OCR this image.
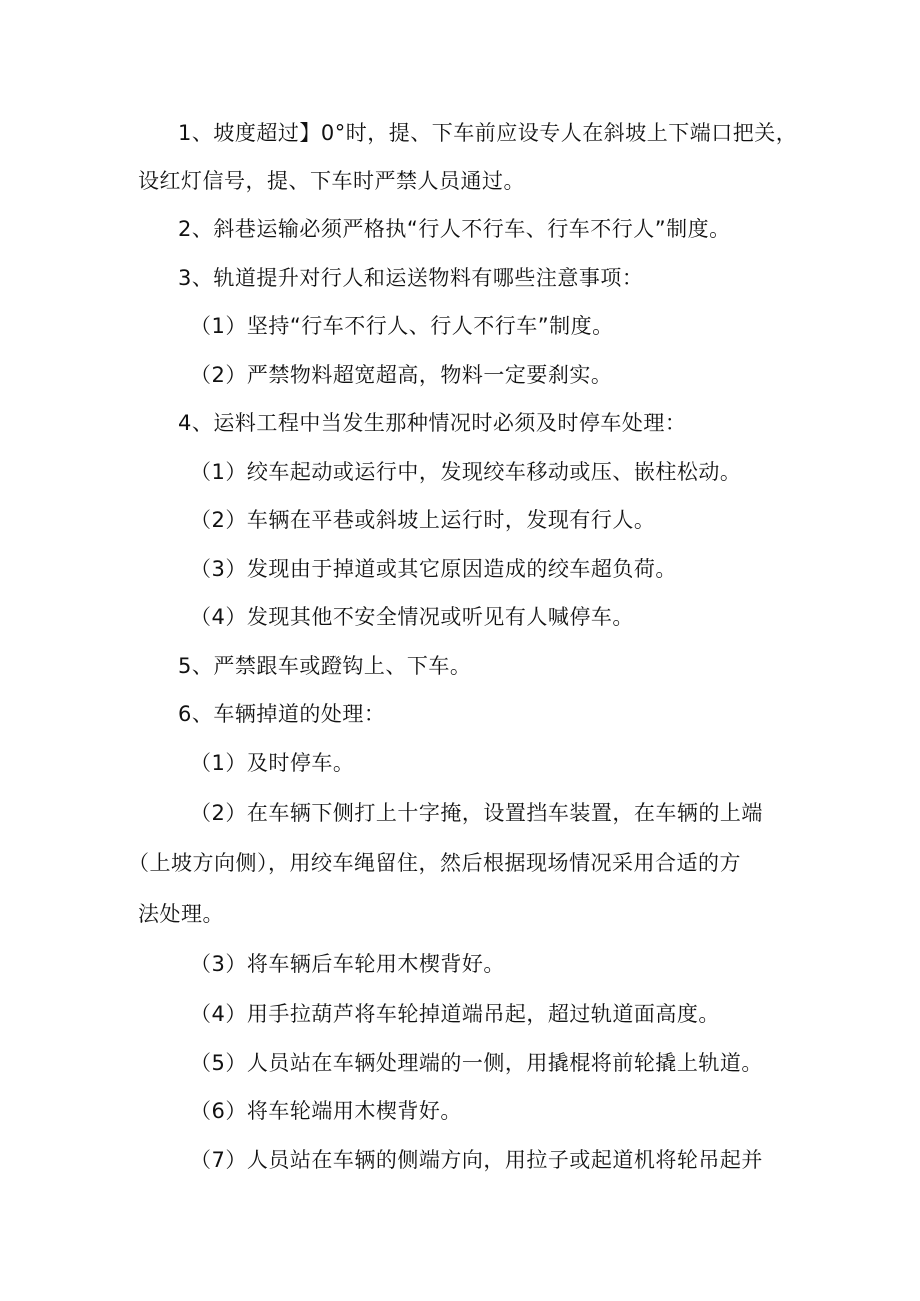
1、坡度超过】0°时，提、下车前应设专人在斜坡上下端口把关，
设红灯信号，提、下车时严禁人员通过。
2、斜巷运输必须严格执“行人不行车、行车不行人”制度。
3、轨道提升对行人和运送物料有哪些注意事项：
（1）坚持“行车不行人、行人不行车”制度。
（2）严禁物料超宽超高，物料一定要刹实。
4、运料工程中当发生那种情况时必须及时停车处理：
（1）绞车起动或运行中，发现绞车移动或压、嵌柱松动。
（2）车辆在平巷或斜坡上运行时，发现有行人。
（3）发现由于掉道或其它原因造成的绞车超负荷。
（4）发现其他不安全情况或听见有人喊停车。
5、严禁跟车或蹬钩上、下车。
6、车辆掉道的处理：
（1）及时停车。
（2）在车辆下侧打上十字掩，设置挡车装置，在车辆的上端
（上坡方向侧），用绞车绳留住，然后根据现场情况采用合适的方
法处理。
（3）将车辆后车轮用木楔背好。
（4）用手拉葫芦将车轮掉道端吊起，超过轨道面高度。
（5）人员站在车辆处理端的一侧，用撬棍将前轮撬上轨道。
（6）将车轮端用木楔背好。
（7）人员站在车辆的侧端方向，用拉子或起道机将轮吊起并
